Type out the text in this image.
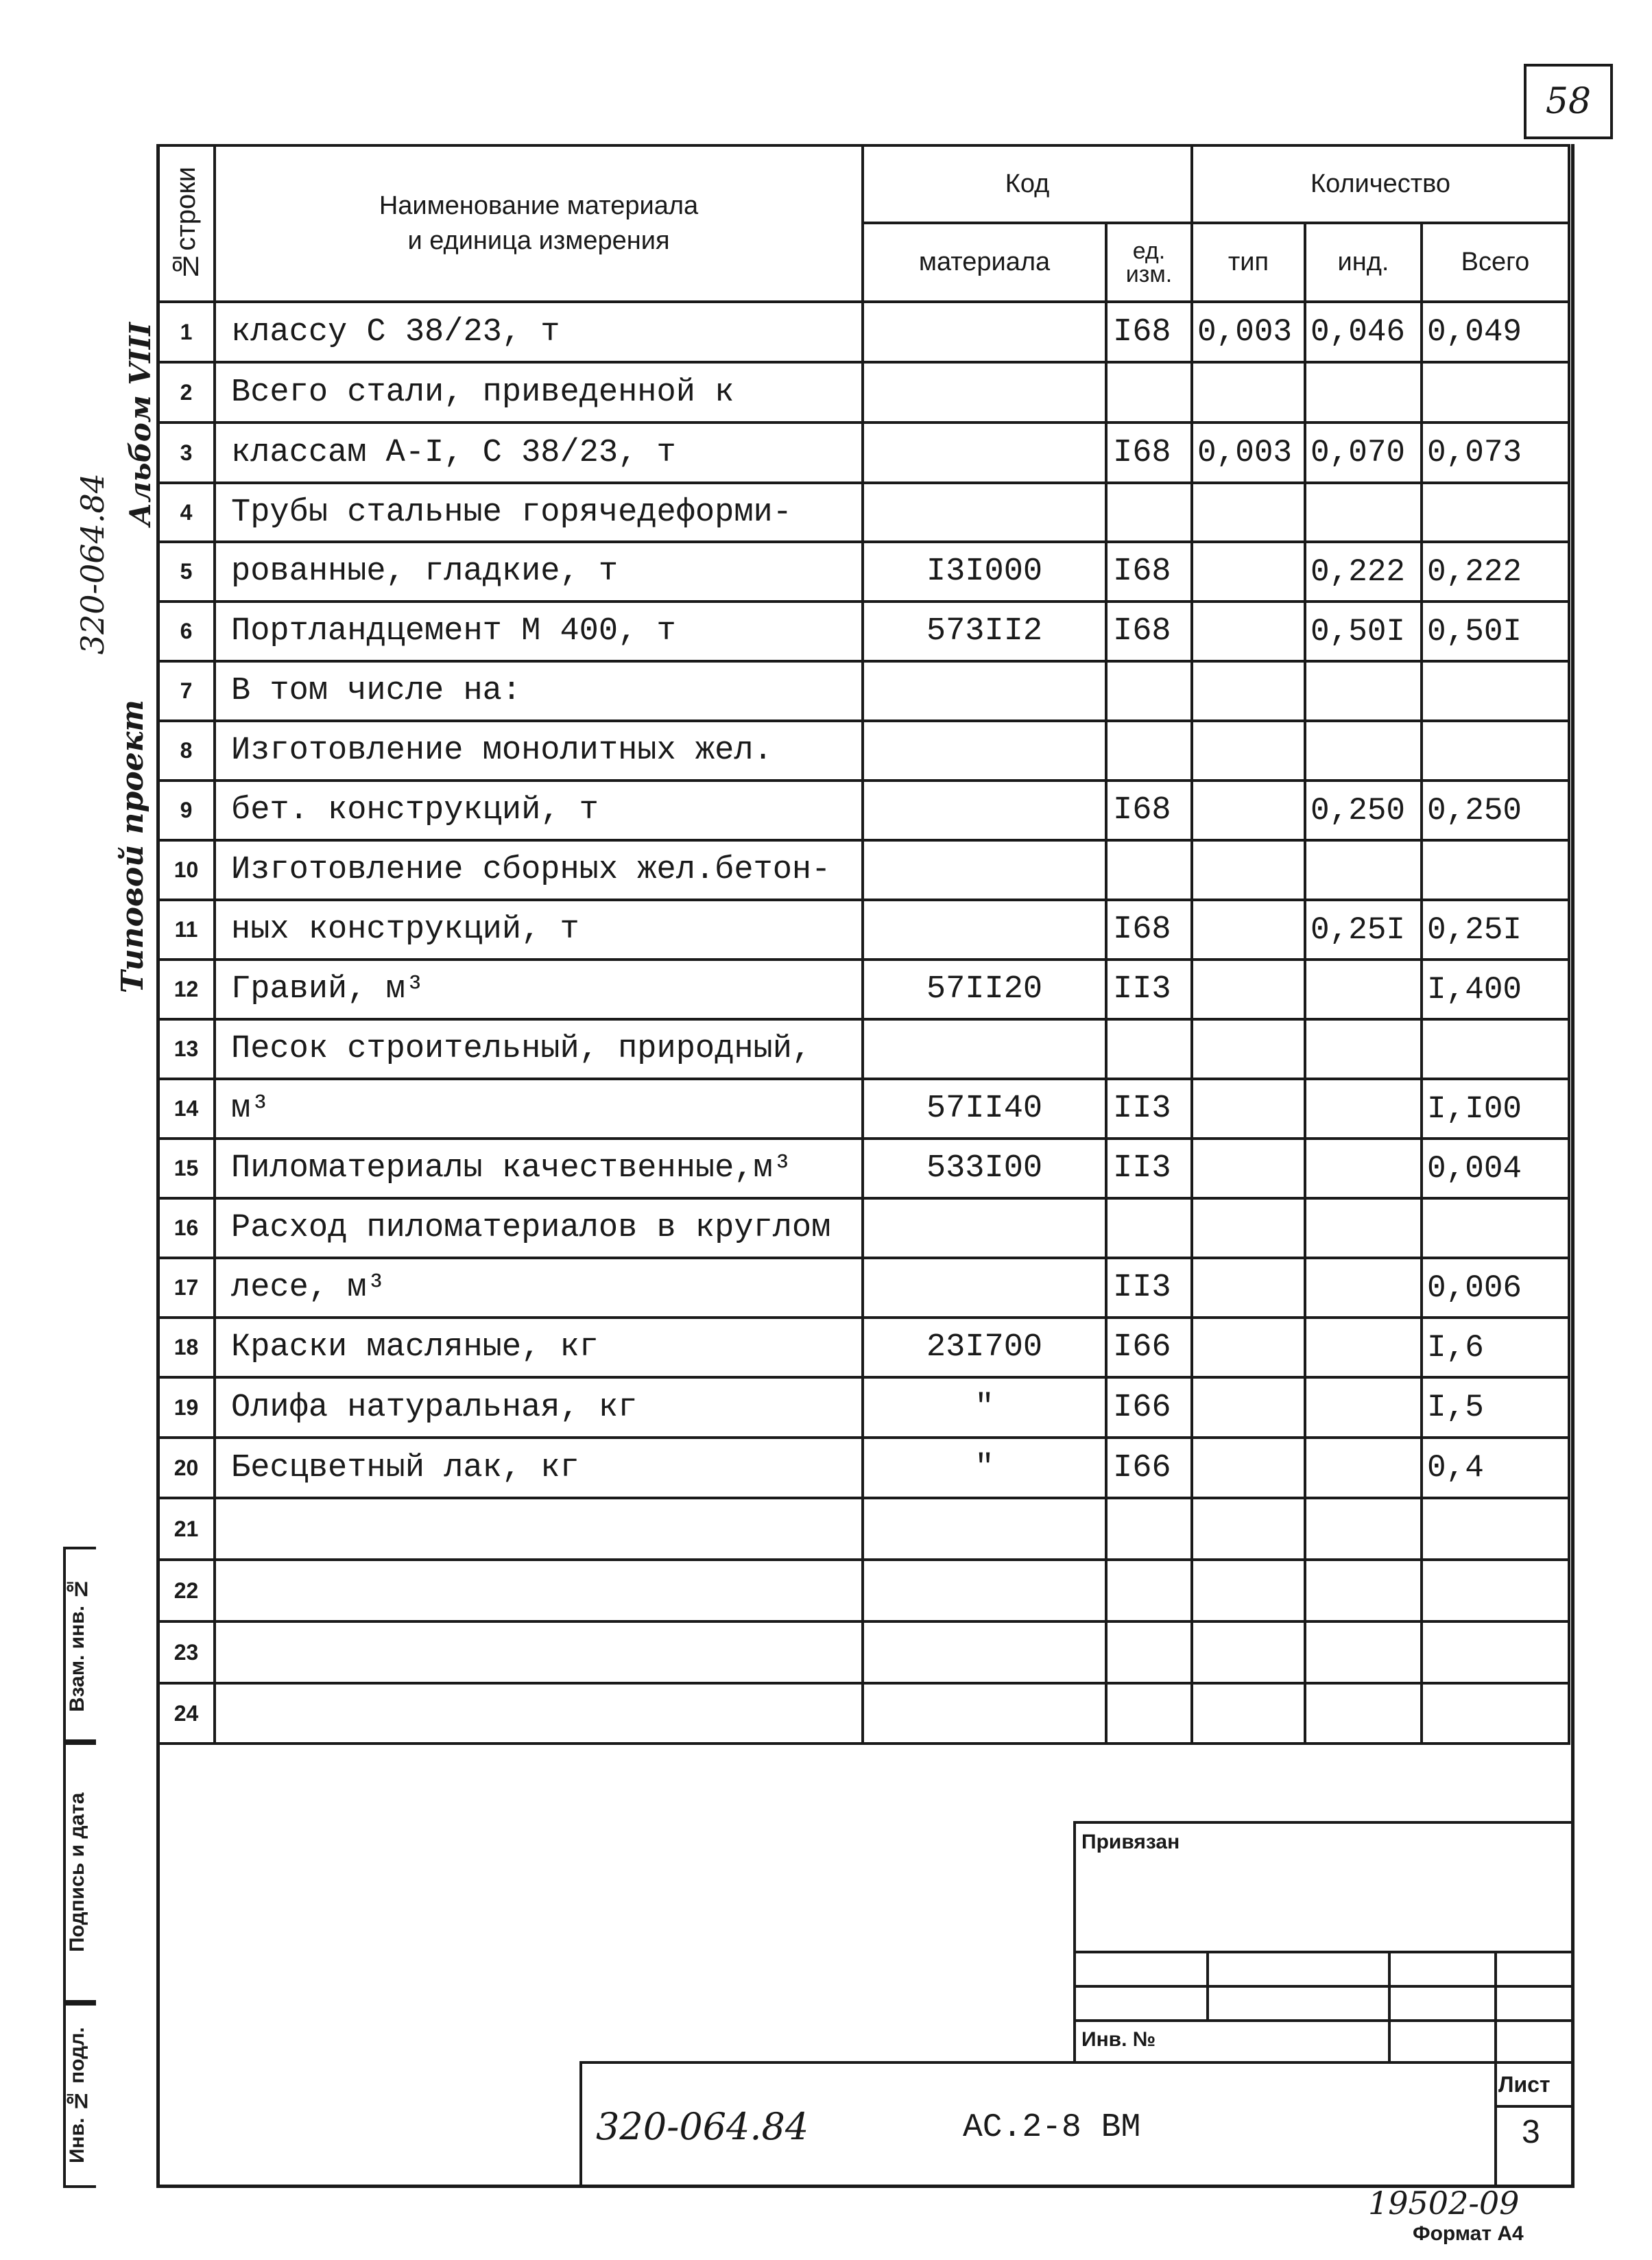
58
Типовой проект
320-064.84
Альбом VIII
№строки	Наименование материала
и единица измерения	Код		Количество		
		материала	ед. изм.	тип	инд.	Всего
1	классу С 38/23, т		I68	0,003	0,046	0,049
2	Всего стали, приведенной к					
3	классам А-I, С 38/23, т		I68	0,003	0,070	0,073
4	Трубы стальные горячедеформи-					
5	рованные, гладкие, т	I3I000	I68		0,222	0,222
6	Портландцемент М 400, т	573II2	I68		0,50I	0,50I
7	В том числе на:					
8	Изготовление монолитных жел.					
9	бет. конструкций, т		I68		0,250	0,250
10	Изготовление сборных жел.бетон-					
11	ных конструкций, т		I68		0,25I	0,25I
12	Гравий, м³	57II20	II3			I,400
13	Песок строительный, природный,					
14	м³	57II40	II3			I,I00
15	Пиломатериалы качественные,м³	533I00	II3			0,004
16	Расход пиломатериалов в круглом					
17	лесе, м³		II3			0,006
18	Краски масляные, кг	23I700	I66			I,6
19	Олифа натуральная, кг	"	I66			I,5
20	Бесцветный лак, кг	"	I66			0,4
21						
22						
23						
24						
Взам. инв. №
Подпись и дата
Инв. № подл.
Привязан
Инв. №
320-064.84	АС.2-8 ВМ
Лист
3
19502-09
Формат А4
